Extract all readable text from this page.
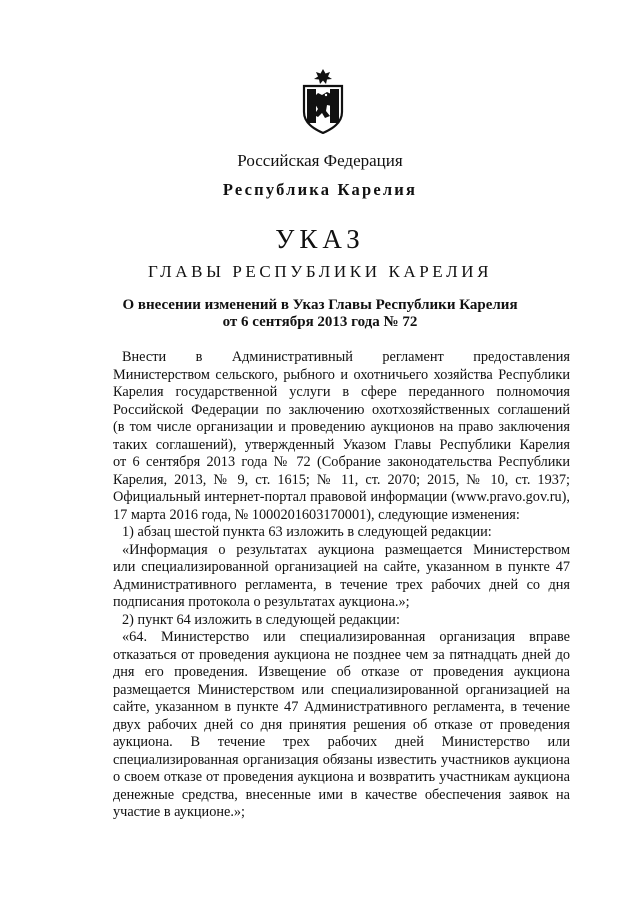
Российская Федерация
Республика Карелия
УКАЗ
ГЛАВЫ РЕСПУБЛИКИ КАРЕЛИЯ
О внесении изменений в Указ Главы Республики Карелия
от 6 сентября 2013 года № 72
Внести в Административный регламент предоставления
Министерством сельского, рыбного и охотничьего хозяйства Республики
Карелия государственной услуги в сфере переданного полномочия
Российской Федерации по заключению охотхозяйственных соглашений
(в том числе организации и проведению аукционов на право заключения
таких соглашений), утвержденный Указом Главы Республики Карелия
от 6 сентября 2013 года № 72 (Собрание законодательства Республики
Карелия, 2013, № 9, ст. 1615; № 11, ст. 2070; 2015, № 10, ст. 1937;
Официальный интернет-портал правовой информации (www.pravo.gov.ru),
17 марта 2016 года, № 1000201603170001), следующие изменения:
1) абзац шестой пункта 63 изложить в следующей редакции:
«Информация о результатах аукциона размещается Министерством
или специализированной организацией на сайте, указанном в пункте 47
Административного регламента, в течение трех рабочих дней со дня
подписания протокола о результатах аукциона.»;
2) пункт 64 изложить в следующей редакции:
«64. Министерство или специализированная организация вправе
отказаться от проведения аукциона не позднее чем за пятнадцать дней до
дня его проведения. Извещение об отказе от проведения аукциона
размещается Министерством или специализированной организацией на
сайте, указанном в пункте 47 Административного регламента, в течение
двух рабочих дней со дня принятия решения об отказе от проведения
аукциона. В течение трех рабочих дней Министерство или
специализированная организация обязаны известить участников аукциона
о своем отказе от проведения аукциона и возвратить участникам аукциона
денежные средства, внесенные ими в качестве обеспечения заявок на
участие в аукционе.»;
